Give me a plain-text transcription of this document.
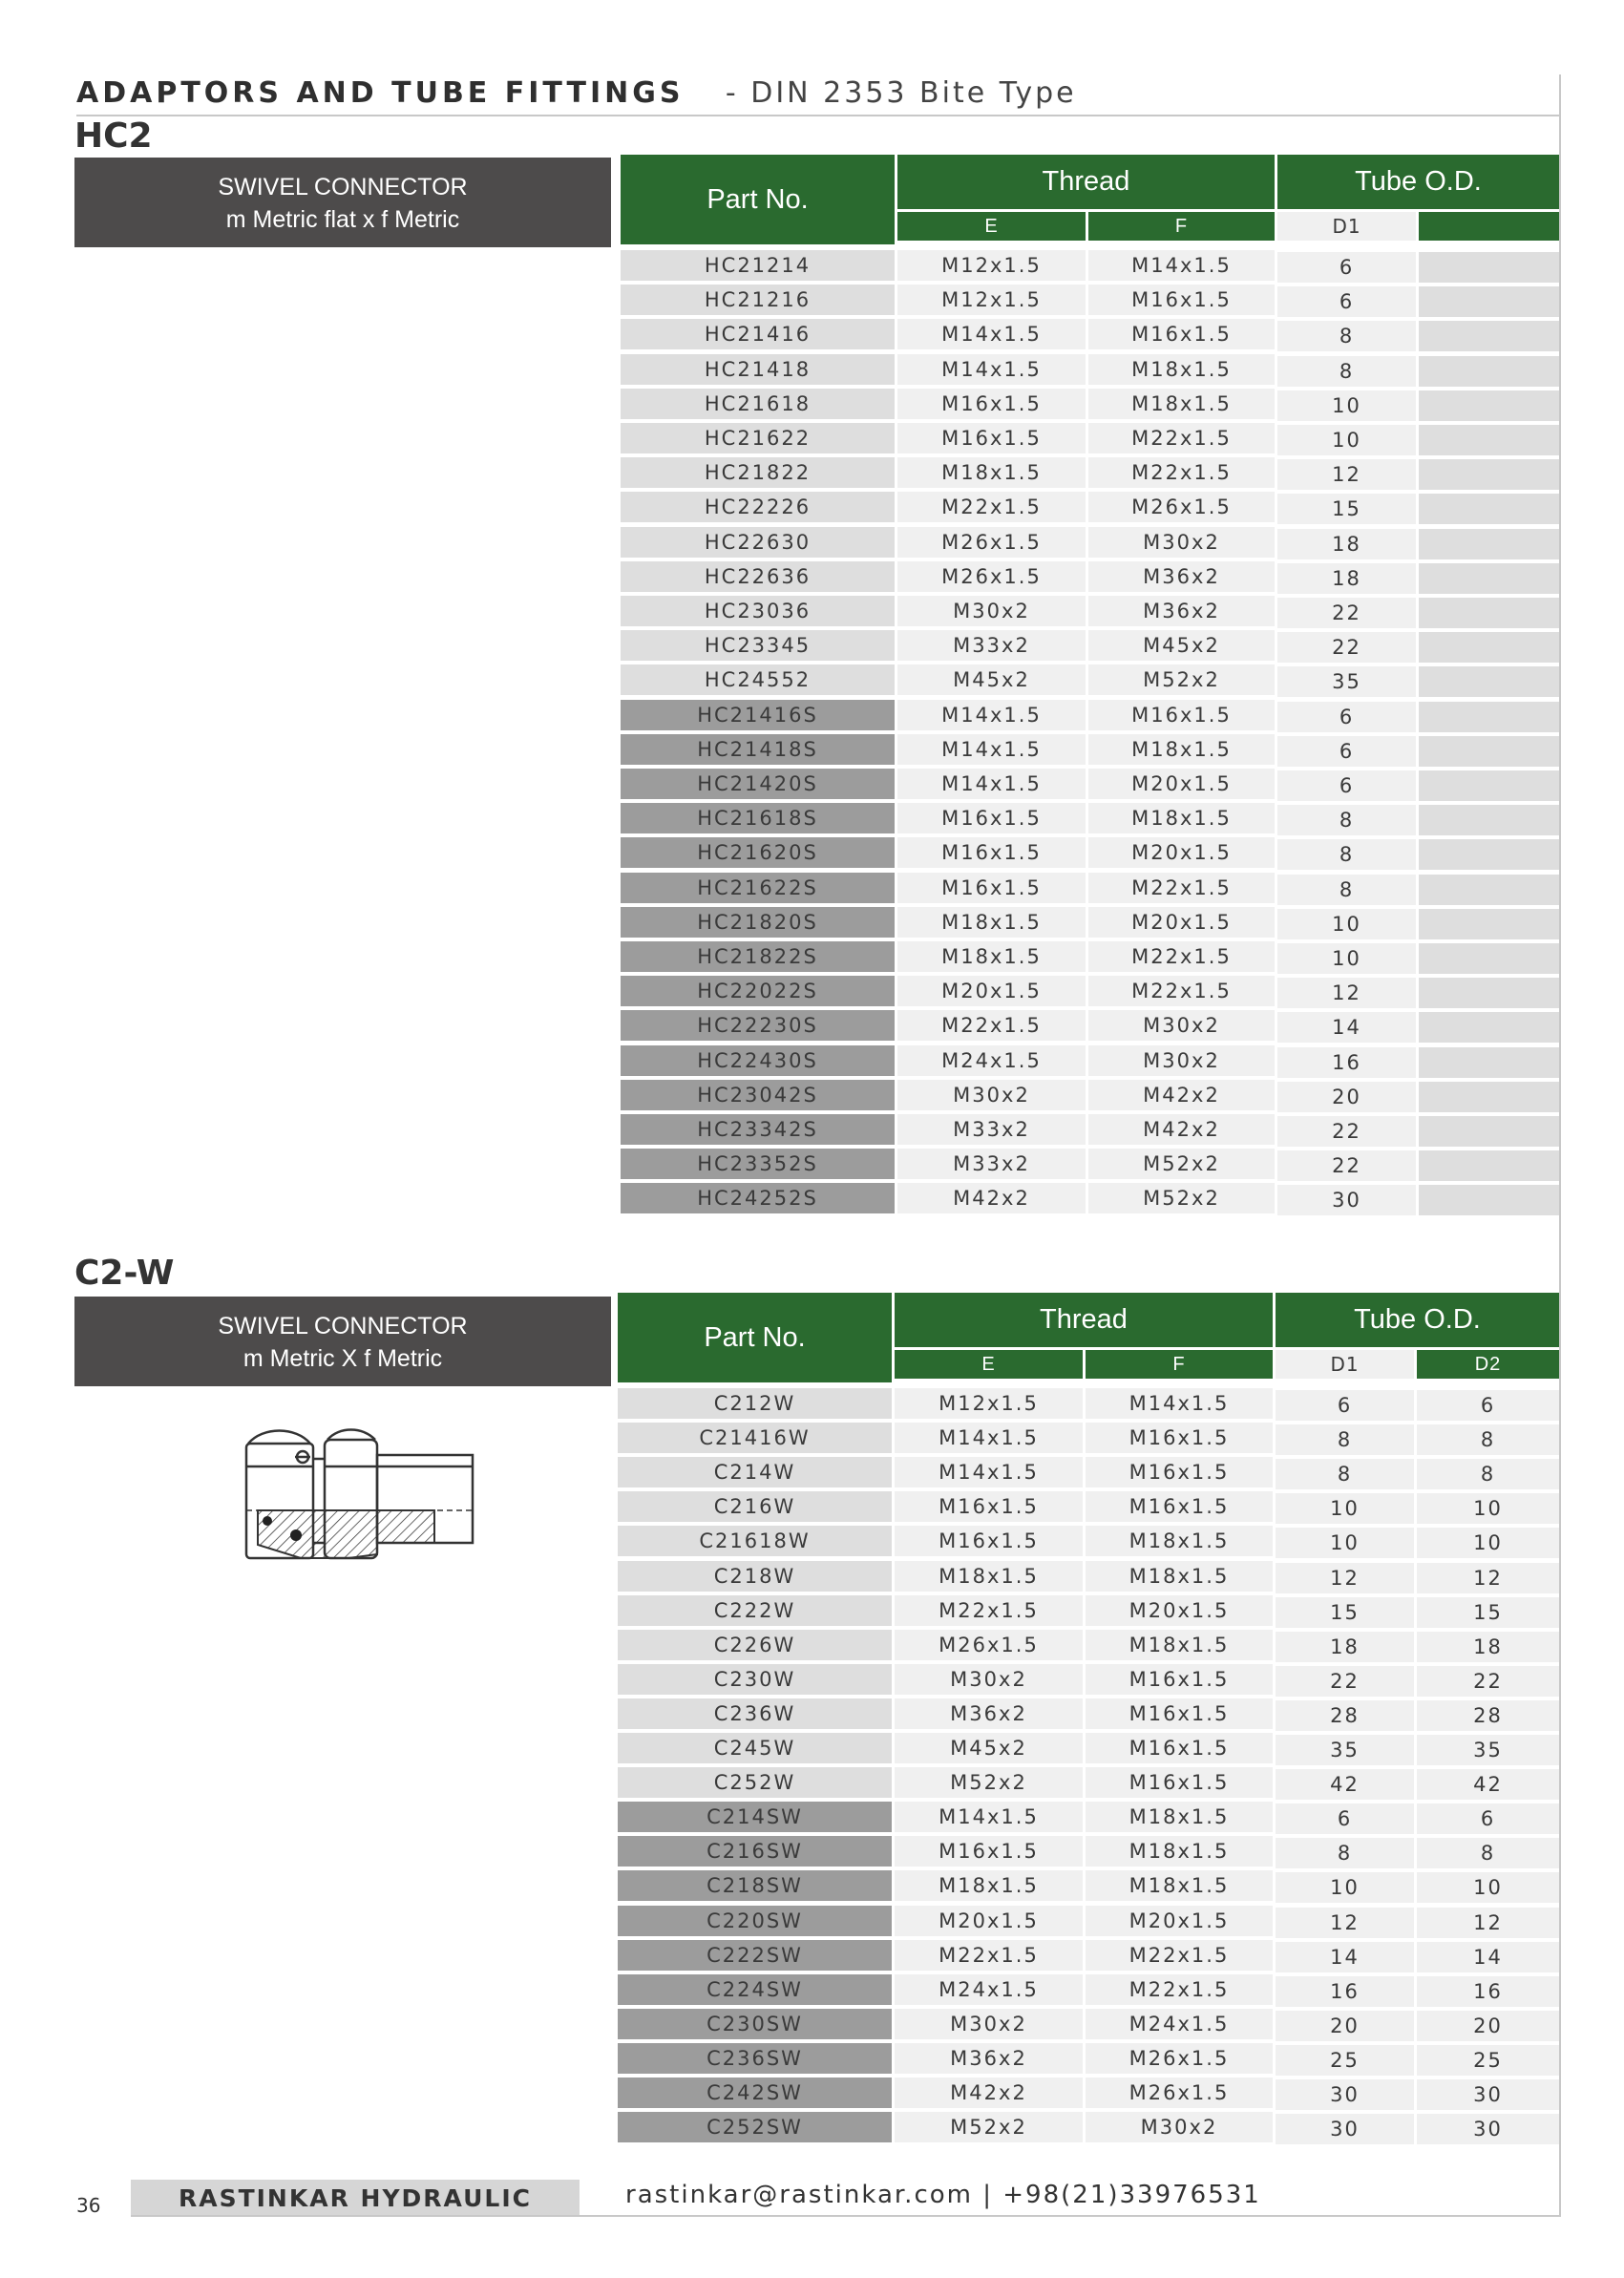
ADAPTORS AND TUBE FITTINGS - DIN 2353 Bite Type
HC2
SWIVEL CONNECTOR
m Metric flat x f Metric
Part No.
Thread	Tube O.D.
E	F	D1
HC21214	M12x1.5	M14x1.5	6
HC21216	M12x1.5	M16x1.5	6
HC21416	M14x1.5	M16x1.5	8
HC21418	M14x1.5	M18x1.5	8
HC21618	M16x1.5	M18x1.5	10
HC21622	M16x1.5	M22x1.5	10
HC21822	M18x1.5	M22x1.5	12
HC22226	M22x1.5	M26x1.5	15
HC22630	M26x1.5	M30x2	18
HC22636	M26x1.5	M36x2	18
HC23036	M30x2	M36x2	22
HC23345	M33x2	M45x2	22
HC24552	M45x2	M52x2	35
HC21416S	M14x1.5	M16x1.5	6
HC21418S	M14x1.5	M18x1.5	6
HC21420S	M14x1.5	M20x1.5	6
HC21618S	M16x1.5	M18x1.5	8
HC21620S	M16x1.5	M20x1.5	8
HC21622S	M16x1.5	M22x1.5	8
HC21820S	M18x1.5	M20x1.5	10
HC21822S	M18x1.5	M22x1.5	10
HC22022S	M20x1.5	M22x1.5	12
HC22230S	M22x1.5	M30x2	14
HC22430S	M24x1.5	M30x2	16
HC23042S	M30x2	M42x2	20
HC23342S	M33x2	M42x2	22
HC23352S	M33x2	M52x2	22
HC24252S	M42x2	M52x2	30
C2-W
SWIVEL CONNECTOR
m Metric X f Metric
Part No.
Thread	Tube O.D.
E	F	D1	D2
C212W	M12x1.5	M14x1.5	6	6
C21416W	M14x1.5	M16x1.5	8	8
C214W	M14x1.5	M16x1.5	8	8
C216W	M16x1.5	M16x1.5	10	10
C21618W	M16x1.5	M18x1.5	10	10
C218W	M18x1.5	M18x1.5	12	12
C222W	M22x1.5	M20x1.5	15	15
C226W	M26x1.5	M18x1.5	18	18
C230W	M30x2	M16x1.5	22	22
C236W	M36x2	M16x1.5	28	28
C245W	M45x2	M16x1.5	35	35
C252W	M52x2	M16x1.5	42	42
C214SW	M14x1.5	M18x1.5	6	6
C216SW	M16x1.5	M18x1.5	8	8
C218SW	M18x1.5	M18x1.5	10	10
C220SW	M20x1.5	M20x1.5	12	12
C222SW	M22x1.5	M22x1.5	14	14
C224SW	M24x1.5	M22x1.5	16	16
C230SW	M30x2	M24x1.5	20	20
C236SW	M36x2	M26x1.5	25	25
C242SW	M42x2	M26x1.5	30	30
C252SW	M52x2	M30x2	30	30
36	RASTINKAR HYDRAULIC	rastinkar@rastinkar.com | +98(21)33976531
